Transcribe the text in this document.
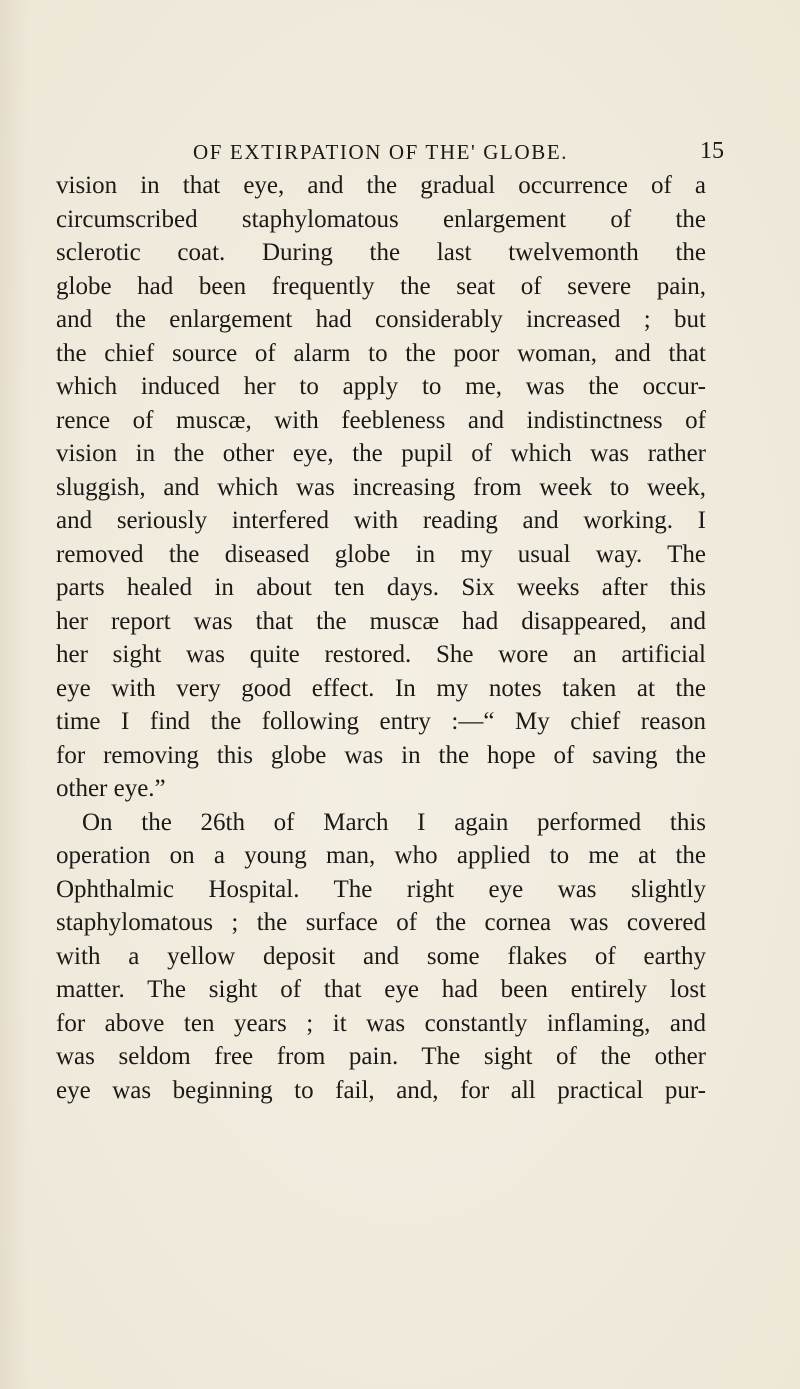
OF EXTIRPATION OF THE' GLOBE.	15
vision in that eye, and the gradual occurrence of a
circumscribed staphylomatous enlargement of the
sclerotic coat. During the last twelvemonth the
globe had been frequently the seat of severe pain,
and the enlargement had considerably increased ; but
the chief source of alarm to the poor woman, and that
which induced her to apply to me, was the occur-
rence of muscæ, with feebleness and indistinctness of
vision in the other eye, the pupil of which was rather
sluggish, and which was increasing from week to week,
and seriously interfered with reading and working. I
removed the diseased globe in my usual way. The
parts healed in about ten days. Six weeks after this
her report was that the muscæ had disappeared, and
her sight was quite restored. She wore an artificial
eye with very good effect. In my notes taken at the
time I find the following entry :—“ My chief reason
for removing this globe was in the hope of saving the
other eye.”
On the 26th of March I again performed this
operation on a young man, who applied to me at the
Ophthalmic Hospital. The right eye was slightly
staphylomatous ; the surface of the cornea was covered
with a yellow deposit and some flakes of earthy
matter. The sight of that eye had been entirely lost
for above ten years ; it was constantly inflaming, and
was seldom free from pain. The sight of the other
eye was beginning to fail, and, for all practical pur-
